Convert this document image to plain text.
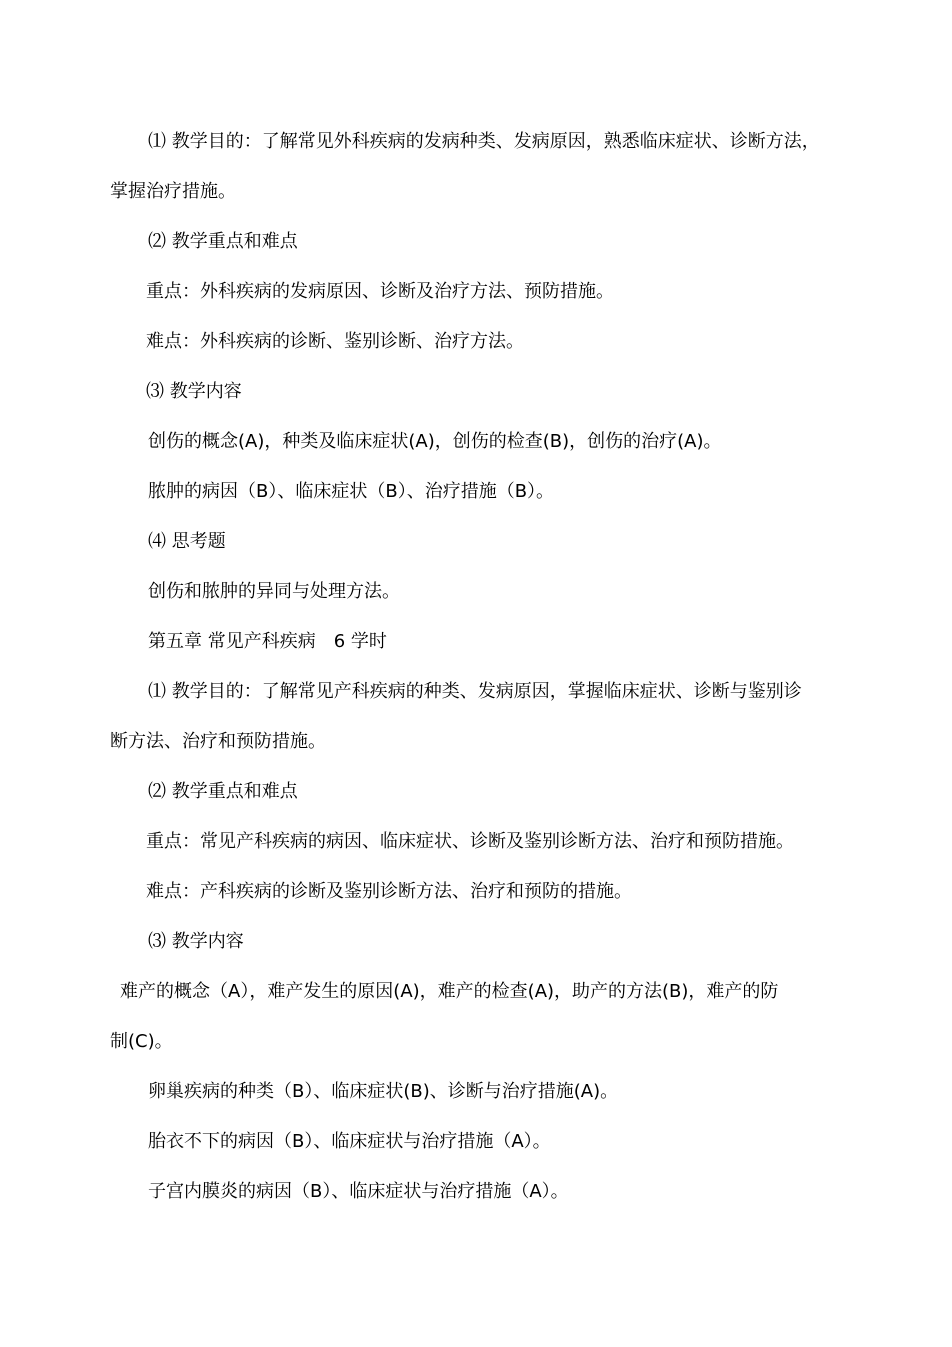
⑴ 教学目的：了解常见外科疾病的发病种类、发病原因，熟悉临床症状、诊断方法，
掌握治疗措施。
⑵ 教学重点和难点
重点：外科疾病的发病原因、诊断及治疗方法、预防措施。
难点：外科疾病的诊断、鉴别诊断、治疗方法。
⑶ 教学内容
创伤的概念(A)，种类及临床症状(A)，创伤的检查(B)，创伤的治疗(A)。
脓肿的病因（B）、临床症状（B）、治疗措施（B）。
⑷ 思考题
创伤和脓肿的异同与处理方法。
第五章 常见产科疾病　6 学时
⑴ 教学目的：了解常见产科疾病的种类、发病原因，掌握临床症状、诊断与鉴别诊
断方法、治疗和预防措施。
⑵ 教学重点和难点
重点：常见产科疾病的病因、临床症状、诊断及鉴别诊断方法、治疗和预防措施。
难点：产科疾病的诊断及鉴别诊断方法、治疗和预防的措施。
⑶ 教学内容
难产的概念（A），难产发生的原因(A)，难产的检查(A)，助产的方法(B)，难产的防
制(C)。
卵巢疾病的种类（B）、临床症状(B)、诊断与治疗措施(A)。
胎衣不下的病因（B）、临床症状与治疗措施（A）。
子宫内膜炎的病因（B）、临床症状与治疗措施（A）。
